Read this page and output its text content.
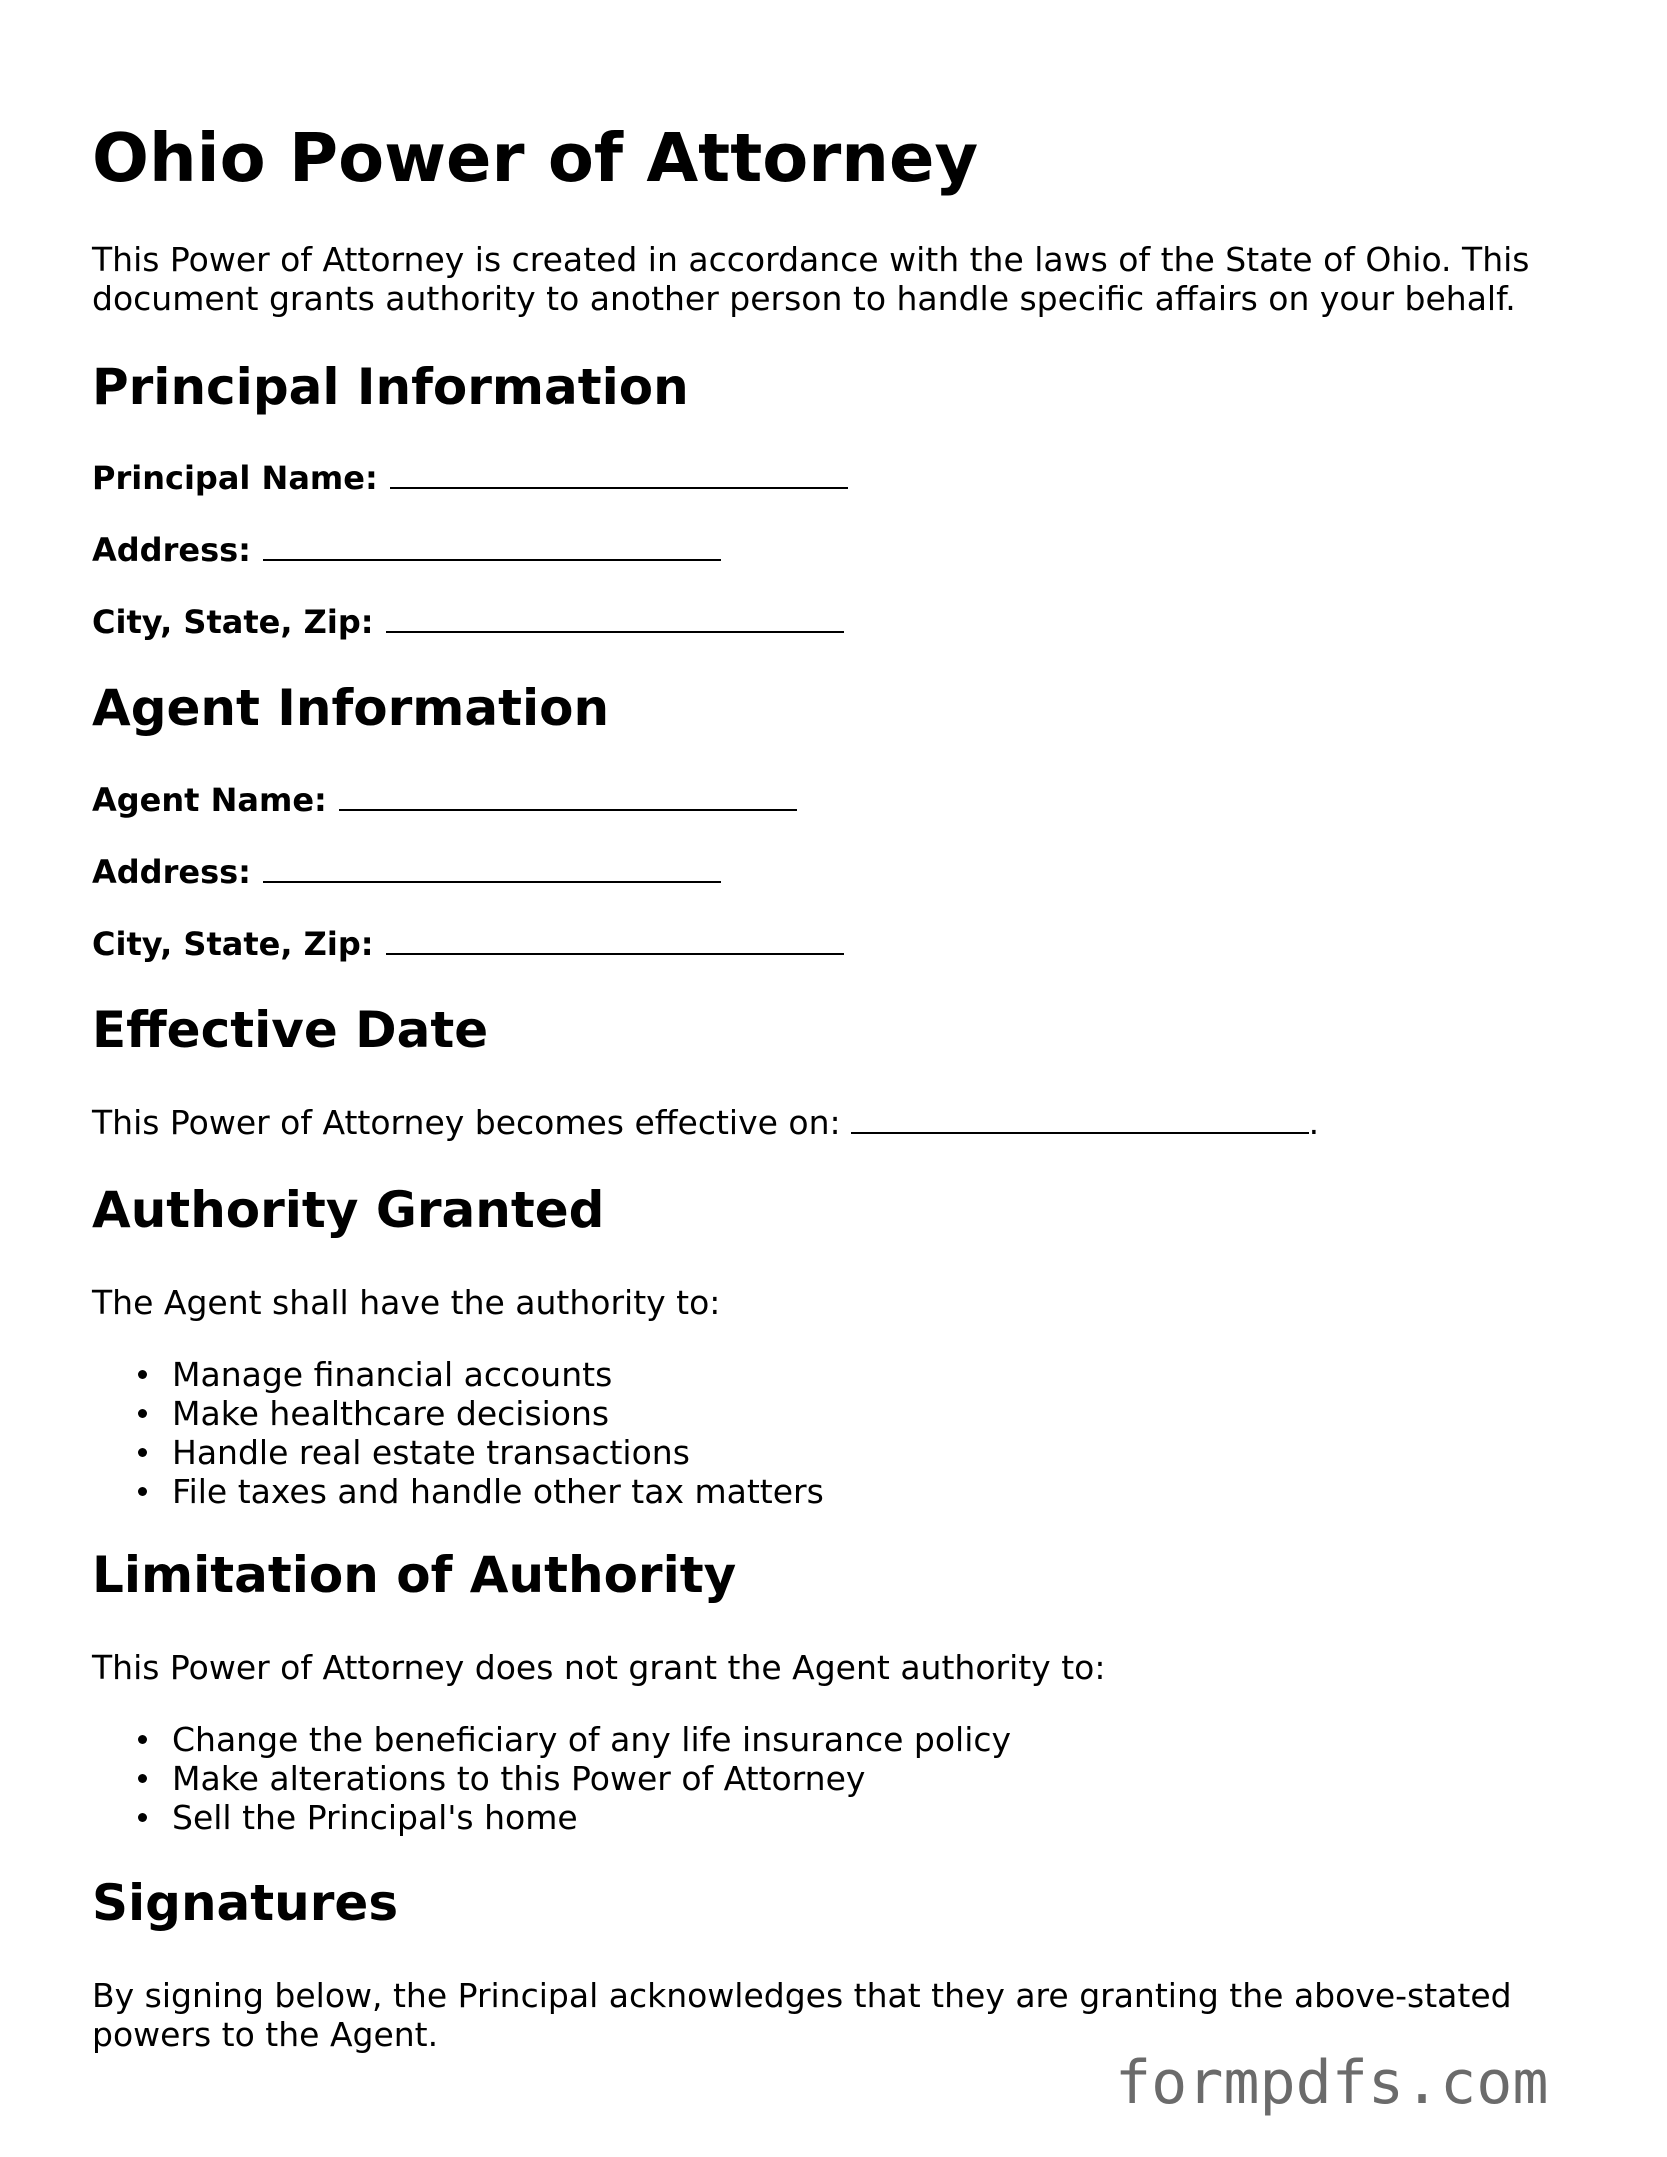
Ohio Power of Attorney

This Power of Attorney is created in accordance with the laws of the State of Ohio. This document grants authority to another person to handle specific affairs on your behalf.

Principal Information
Principal Name:
Address:
City, State, Zip:
Agent Information
Agent Name:
Address:
City, State, Zip:
Effective Date

This Power of Attorney becomes effective on:	.

Authority Granted

The Agent shall have the authority to:

Manage financial accounts
Make healthcare decisions
Handle real estate transactions
File taxes and handle other tax matters
Limitation of Authority

This Power of Attorney does not grant the Agent authority to:

Change the beneficiary of any life insurance policy
Make alterations to this Power of Attorney
Sell the Principal's home
Signatures

By signing below, the Principal acknowledges that they are granting the above-stated powers to the Agent.

formpdfs.com
